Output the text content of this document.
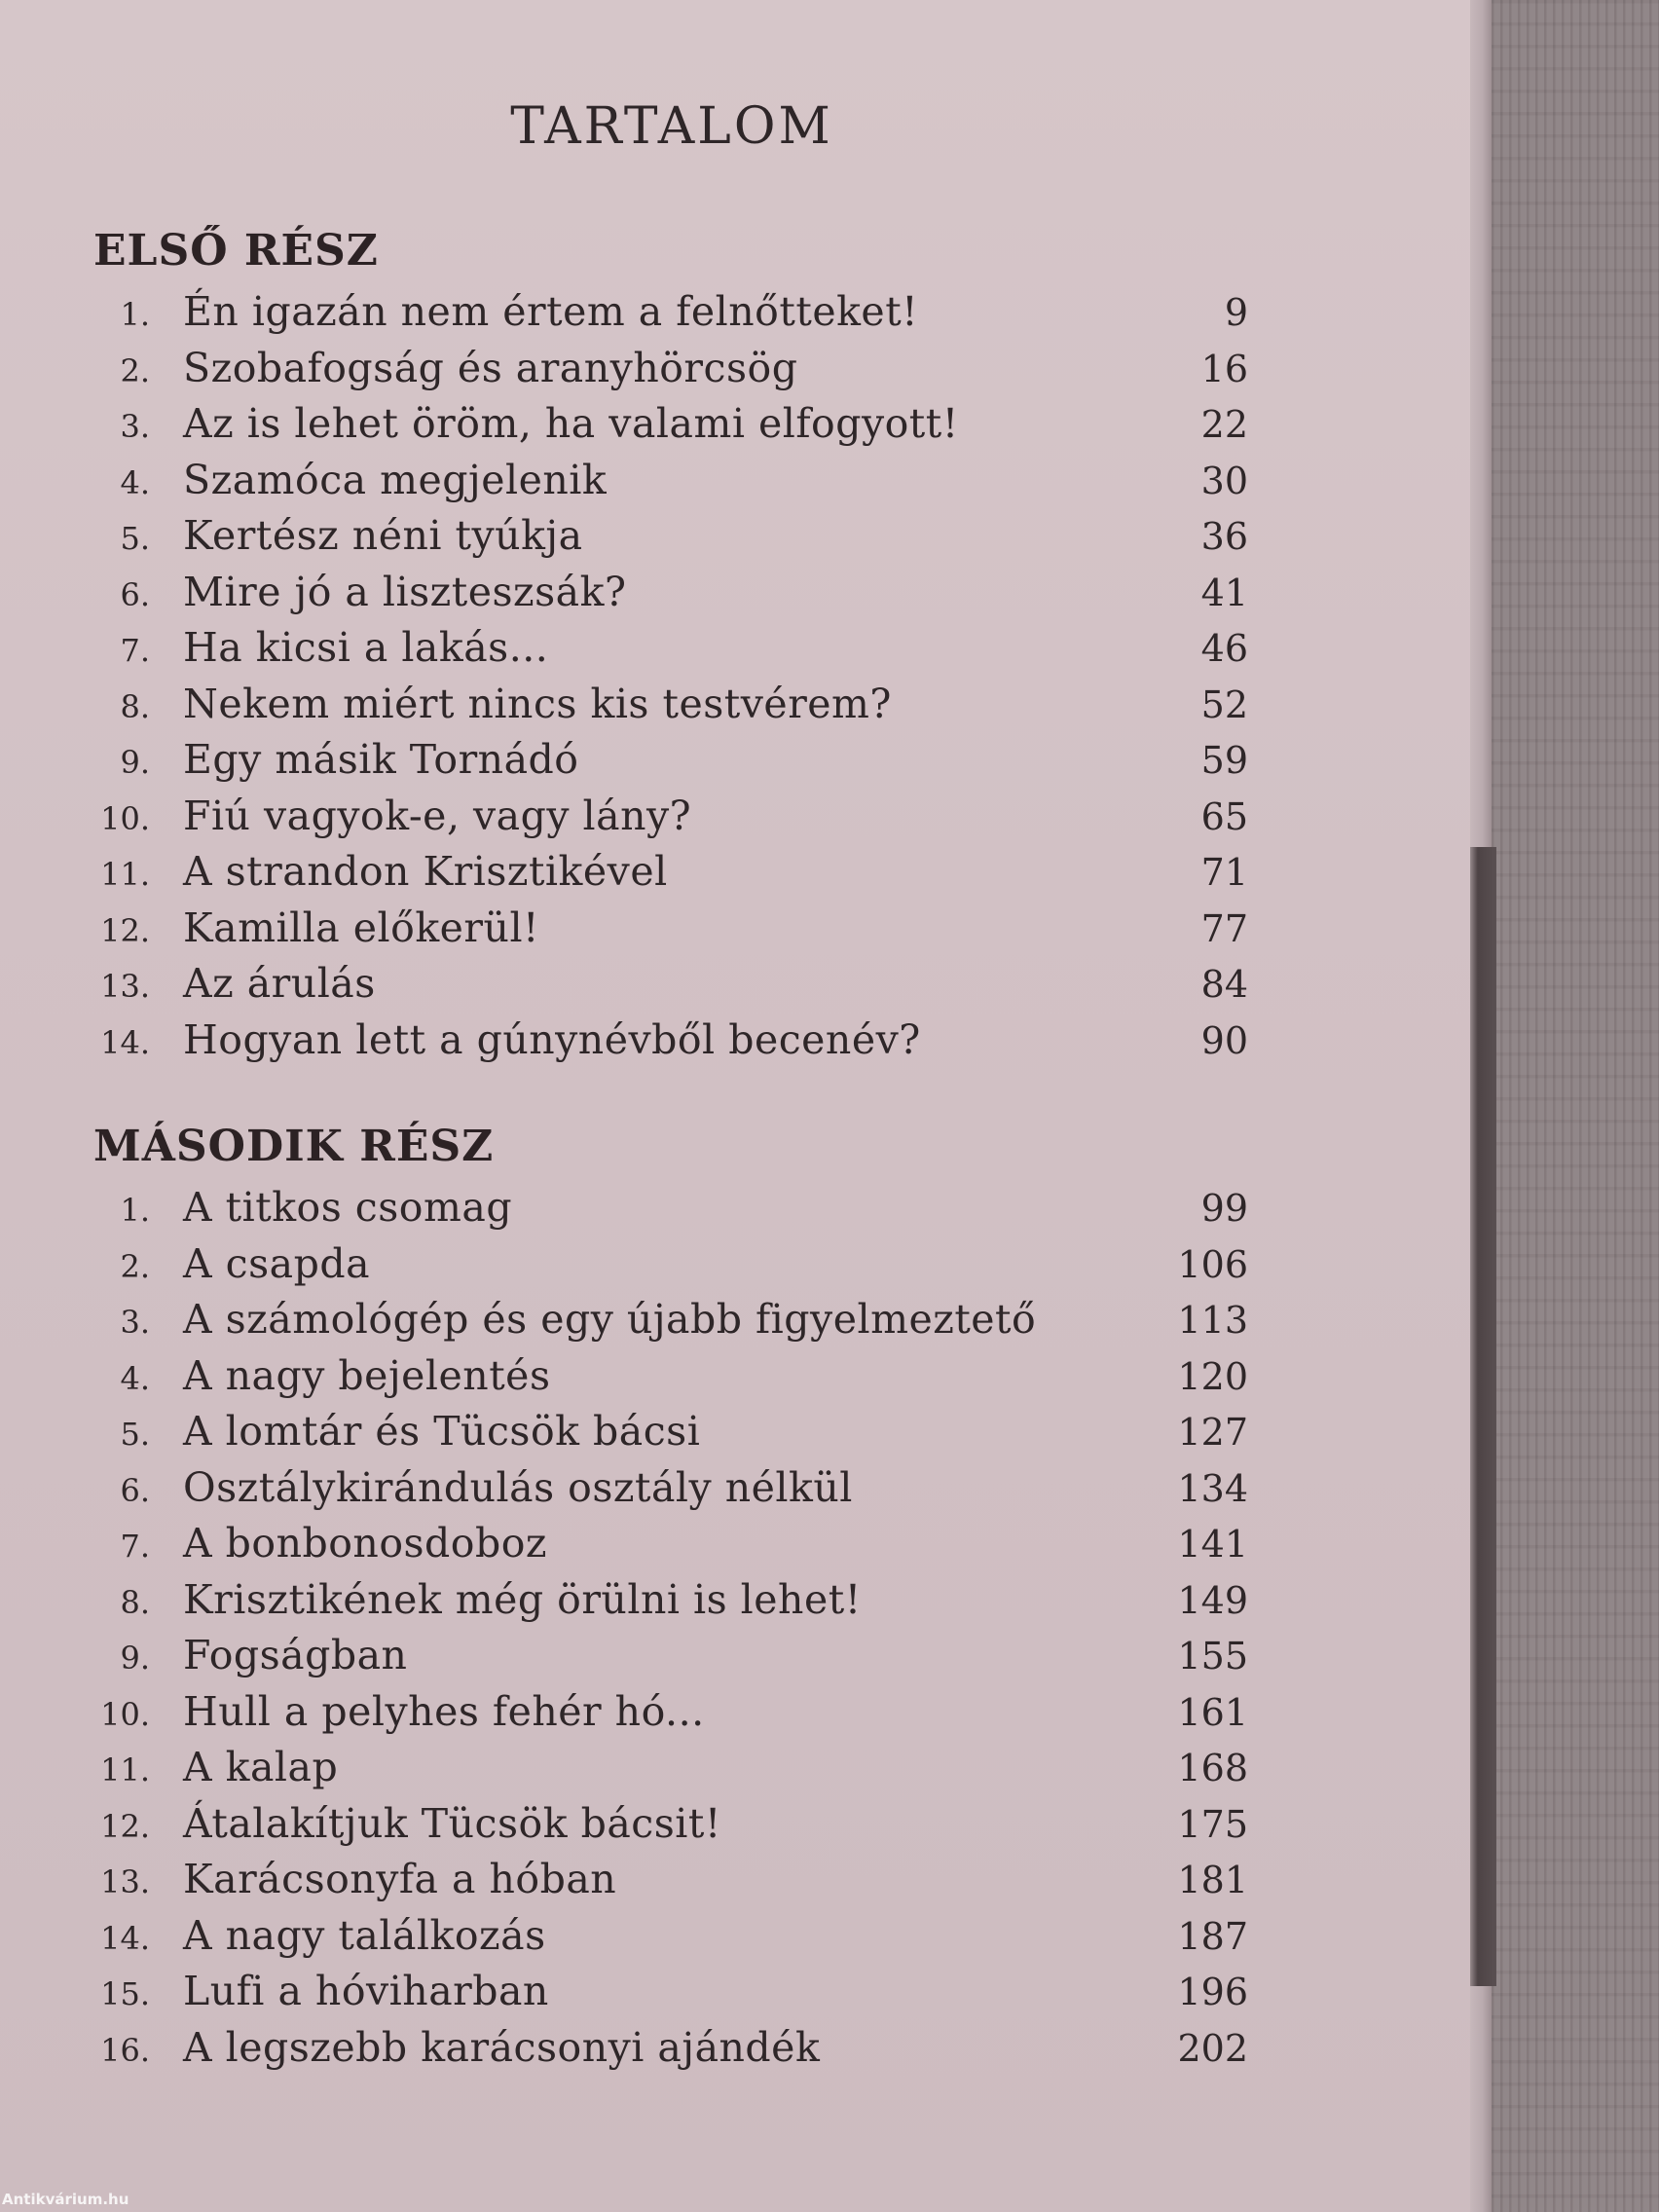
TARTALOM
ELSŐ RÉSZ
1. Én igazán nem értem a felnőtteket!	9
2. Szobafogság és aranyhörcsög	16
3. Az is lehet öröm, ha valami elfogyott!	22
4. Szamóca megjelenik	30
5. Kertész néni tyúkja	36
6. Mire jó a liszteszsák?	41
7. Ha kicsi a lakás...	46
8. Nekem miért nincs kis testvérem?	52
9. Egy másik Tornádó	59
10. Fiú vagyok-e, vagy lány?	65
11. A strandon Krisztikével	71
12. Kamilla előkerül!	77
13. Az árulás	84
14. Hogyan lett a gúnynévből becenév?	90
MÁSODIK RÉSZ
1. A titkos csomag	99
2. A csapda	106
3. A számológép és egy újabb figyelmeztető	113
4. A nagy bejelentés	120
5. A lomtár és Tücsök bácsi	127
6. Osztálykirándulás osztály nélkül	134
7. A bonbonosdoboz	141
8. Krisztikének még örülni is lehet!	149
9. Fogságban	155
10. Hull a pelyhes fehér hó...	161
11. A kalap	168
12. Átalakítjuk Tücsök bácsit!	175
13. Karácsonyfa a hóban	181
14. A nagy találkozás	187
15. Lufi a hóviharban	196
16. A legszebb karácsonyi ajándék	202
Antikvárium.hu
